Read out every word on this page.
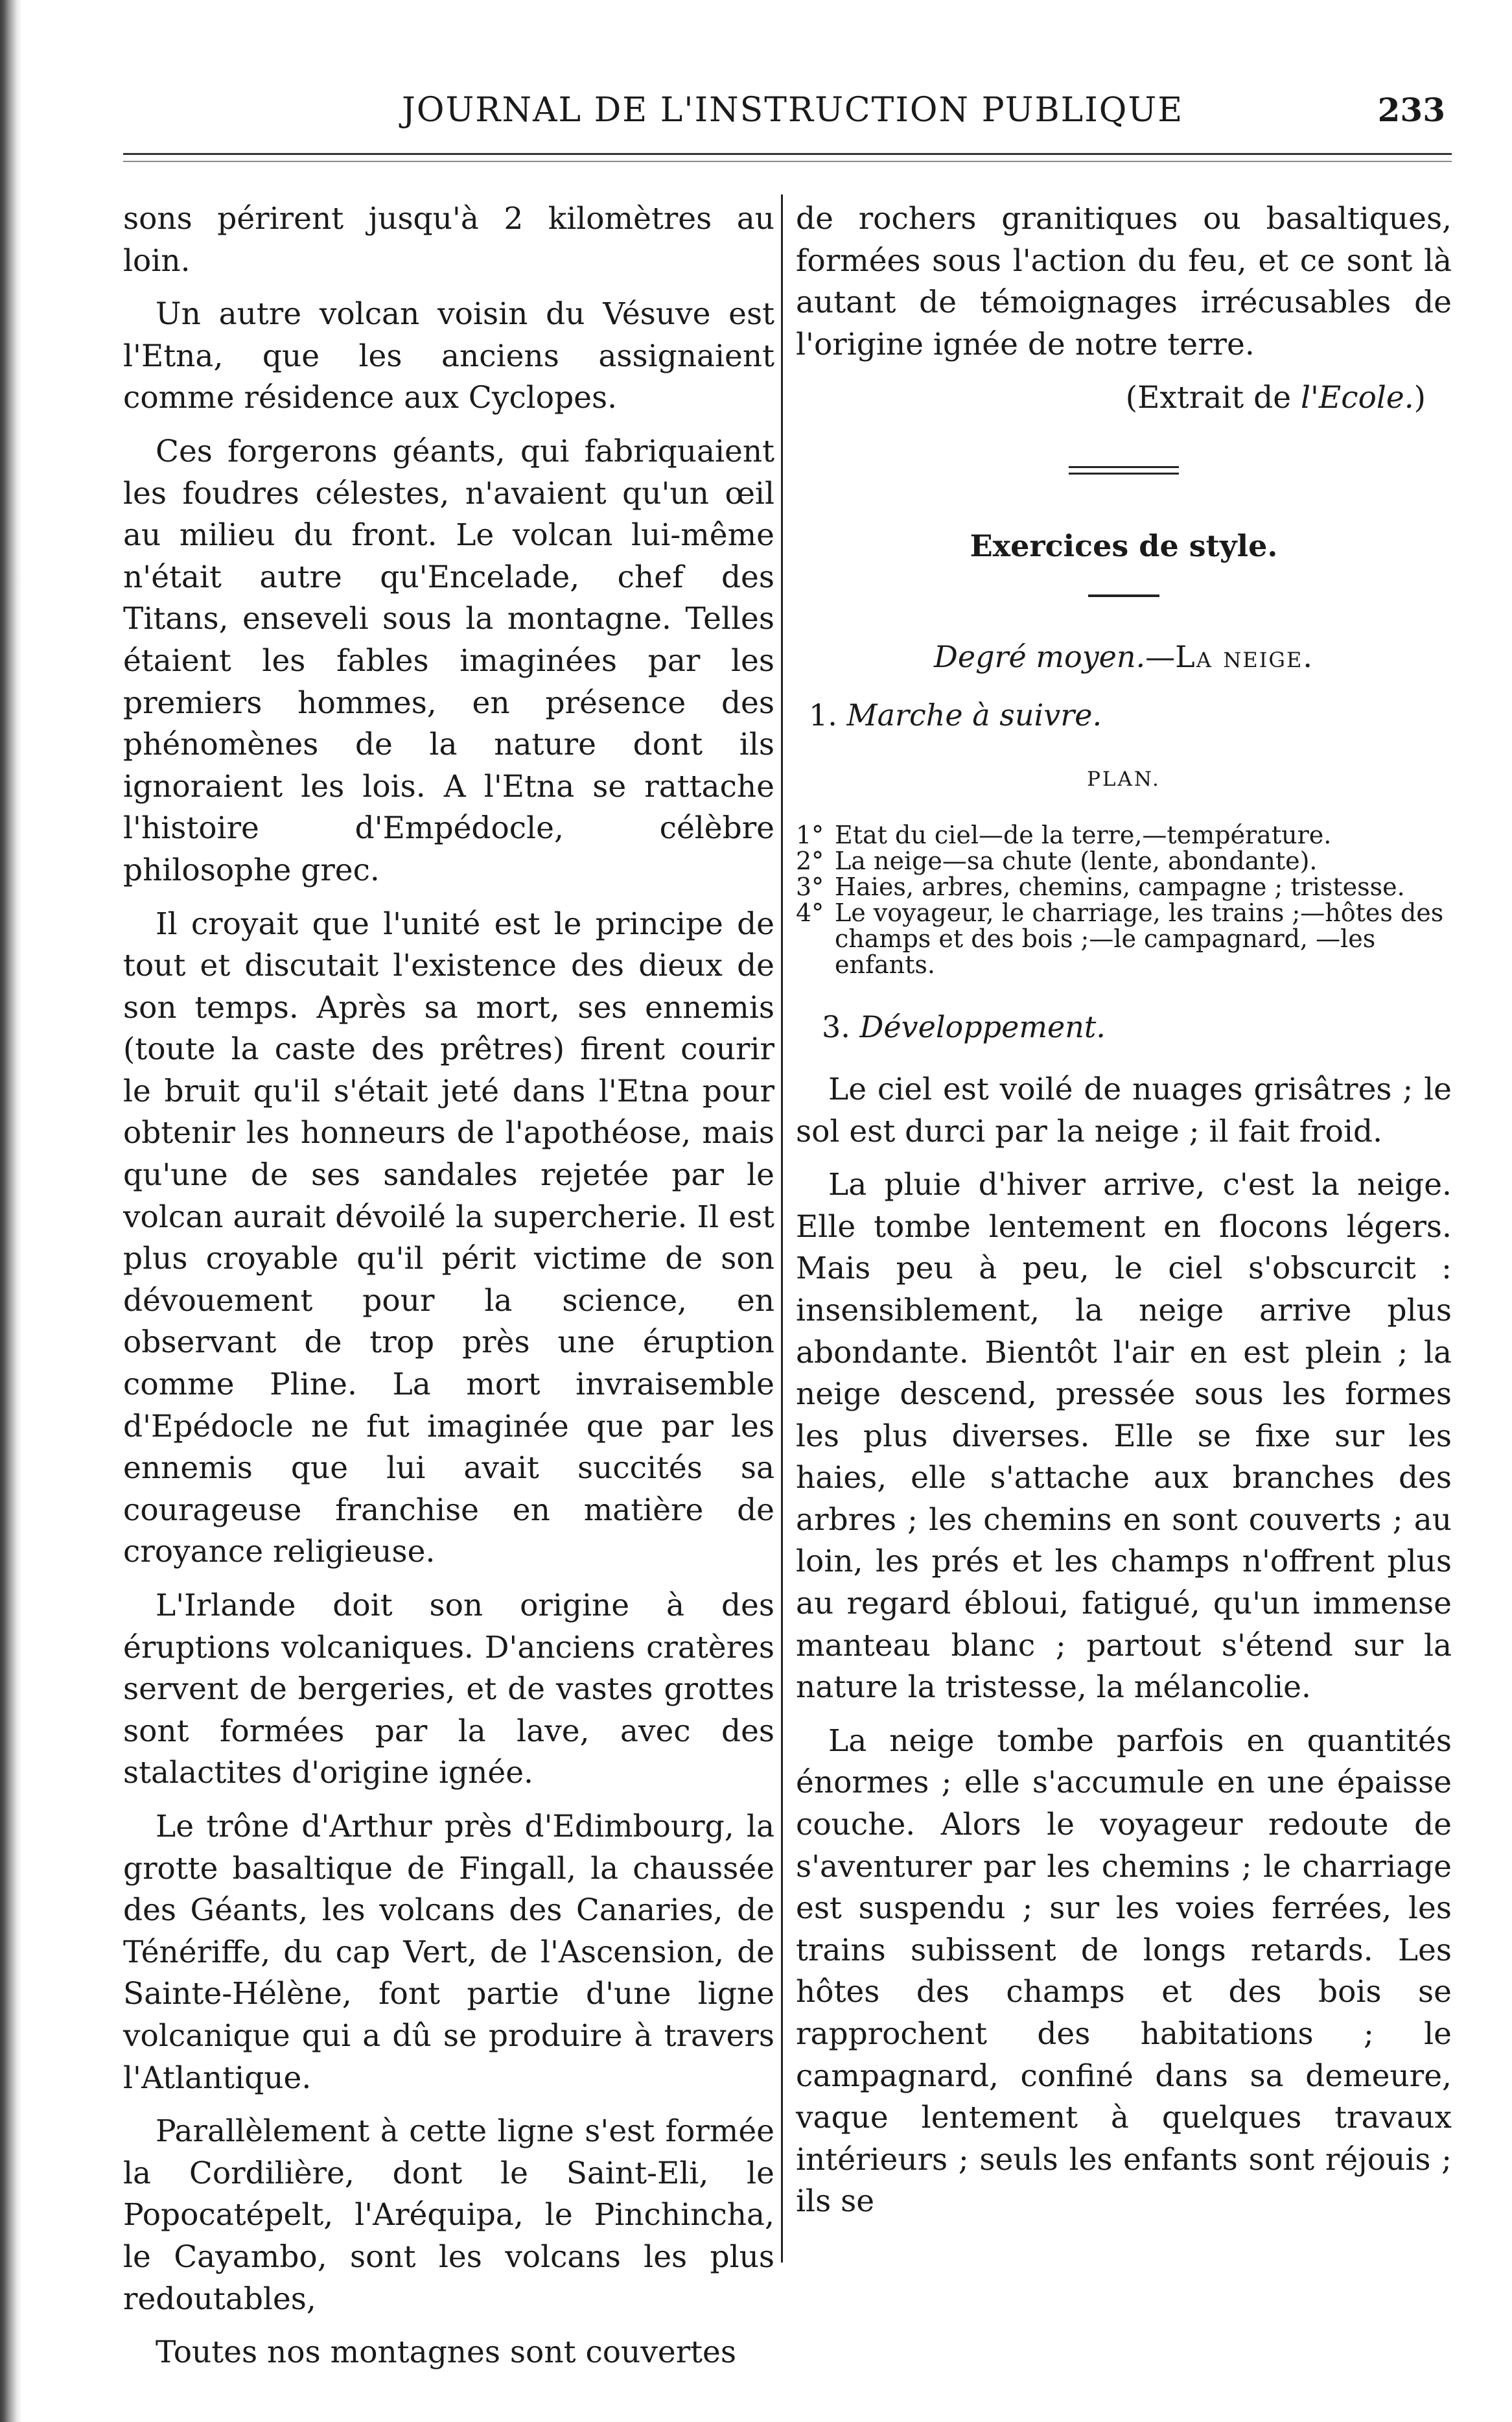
JOURNAL DE L'INSTRUCTION PUBLIQUE	233

sons périrent jusqu'à 2 kilomètres au loin.

Un autre volcan voisin du Vésuve est l'Etna, que les anciens assignaient comme résidence aux Cyclopes.

Ces forgerons géants, qui fabriquaient les foudres célestes, n'avaient qu'un œil au milieu du front. Le volcan lui-même n'était autre qu'Encelade, chef des Titans, enseveli sous la montagne. Telles étaient les fables imaginées par les premiers hommes, en présence des phénomènes de la nature dont ils ignoraient les lois. A l'Etna se rattache l'histoire d'Empédocle, célèbre philosophe grec.

Il croyait que l'unité est le principe de tout et discutait l'existence des dieux de son temps. Après sa mort, ses ennemis (toute la caste des prêtres) firent courir le bruit qu'il s'était jeté dans l'Etna pour obtenir les honneurs de l'apothéose, mais qu'une de ses sandales rejetée par le volcan aurait dévoilé la supercherie. Il est plus croyable qu'il périt victime de son dévouement pour la science, en observant de trop près une éruption comme Pline. La mort invraisemble d'Epédocle ne fut imaginée que par les ennemis que lui avait succités sa courageuse franchise en matière de croyance religieuse.

L'Irlande doit son origine à des éruptions volcaniques. D'anciens cratères servent de bergeries, et de vastes grottes sont formées par la lave, avec des stalactites d'origine ignée.

Le trône d'Arthur près d'Edimbourg, la grotte basaltique de Fingall, la chaussée des Géants, les volcans des Canaries, de Ténériffe, du cap Vert, de l'Ascension, de Sainte-Hélène, font partie d'une ligne volcanique qui a dû se produire à travers l'Atlantique.

Parallèlement à cette ligne s'est formée la Cordilière, dont le Saint-Eli, le Popocatépelt, l'Aréquipa, le Pinchincha, le Cayambo, sont les volcans les plus redoutables,

Toutes nos montagnes sont couvertes

de rochers granitiques ou basaltiques, formées sous l'action du feu, et ce sont là autant de témoignages irrécusables de l'origine ignée de notre terre.

(Extrait de l'Ecole.)
Exercices de style.
Degré moyen.—La neige.
1. Marche à suivre.
PLAN.
1° Etat du ciel—de la terre,—température.
2° La neige—sa chute (lente, abondante).
3° Haies, arbres, chemins, campagne ; tristesse.
4° Le voyageur, le charriage, les trains ;—hôtes des champs et des bois ;—le campagnard, —les enfants.
3. Développement.

Le ciel est voilé de nuages grisâtres ; le sol est durci par la neige ; il fait froid.

La pluie d'hiver arrive, c'est la neige. Elle tombe lentement en flocons légers. Mais peu à peu, le ciel s'obscurcit : insensiblement, la neige arrive plus abondante. Bientôt l'air en est plein ; la neige descend, pressée sous les formes les plus diverses. Elle se fixe sur les haies, elle s'attache aux branches des arbres ; les chemins en sont couverts ; au loin, les prés et les champs n'offrent plus au regard ébloui, fatigué, qu'un immense manteau blanc ; partout s'étend sur la nature la tristesse, la mélancolie.

La neige tombe parfois en quantités énormes ; elle s'accumule en une épaisse couche. Alors le voyageur redoute de s'aventurer par les chemins ; le charriage est suspendu ; sur les voies ferrées, les trains subissent de longs retards. Les hôtes des champs et des bois se rapprochent des habitations ; le campagnard, confiné dans sa demeure, vaque lentement à quelques travaux intérieurs ; seuls les enfants sont réjouis ; ils se
